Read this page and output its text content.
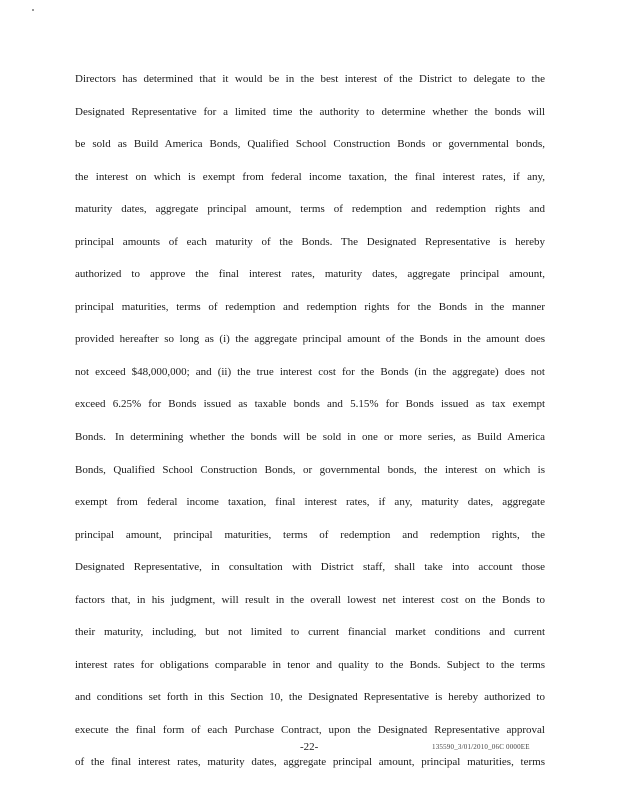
Directors has determined that it would be in the best interest of the District to delegate to the
Designated Representative for a limited time the authority to determine whether the bonds will
be sold as Build America Bonds, Qualified School Construction Bonds or governmental bonds,
the interest on which is exempt from federal income taxation, the final interest rates, if any,
maturity dates, aggregate principal amount, terms of redemption and redemption rights and
principal amounts of each maturity of the Bonds. The Designated Representative is hereby
authorized to approve the final interest rates, maturity dates, aggregate principal amount,
principal maturities, terms of redemption and redemption rights for the Bonds in the manner
provided hereafter so long as (i) the aggregate principal amount of the Bonds in the amount does
not exceed $48,000,000; and (ii) the true interest cost for the Bonds (in the aggregate) does not
exceed 6.25% for Bonds issued as taxable bonds and 5.15% for Bonds issued as tax exempt
Bonds. In determining whether the bonds will be sold in one or more series, as Build America
Bonds, Qualified School Construction Bonds, or governmental bonds, the interest on which is
exempt from federal income taxation, final interest rates, if any, maturity dates, aggregate
principal amount, principal maturities, terms of redemption and redemption rights, the
Designated Representative, in consultation with District staff, shall take into account those
factors that, in his judgment, will result in the overall lowest net interest cost on the Bonds to
their maturity, including, but not limited to current financial market conditions and current
interest rates for obligations comparable in tenor and quality to the Bonds. Subject to the terms
and conditions set forth in this Section 10, the Designated Representative is hereby authorized to
execute the final form of each Purchase Contract, upon the Designated Representative approval
of the final interest rates, maturity dates, aggregate principal amount, principal maturities, terms
-22-	135590_3/01/2010_06C 0000EE
